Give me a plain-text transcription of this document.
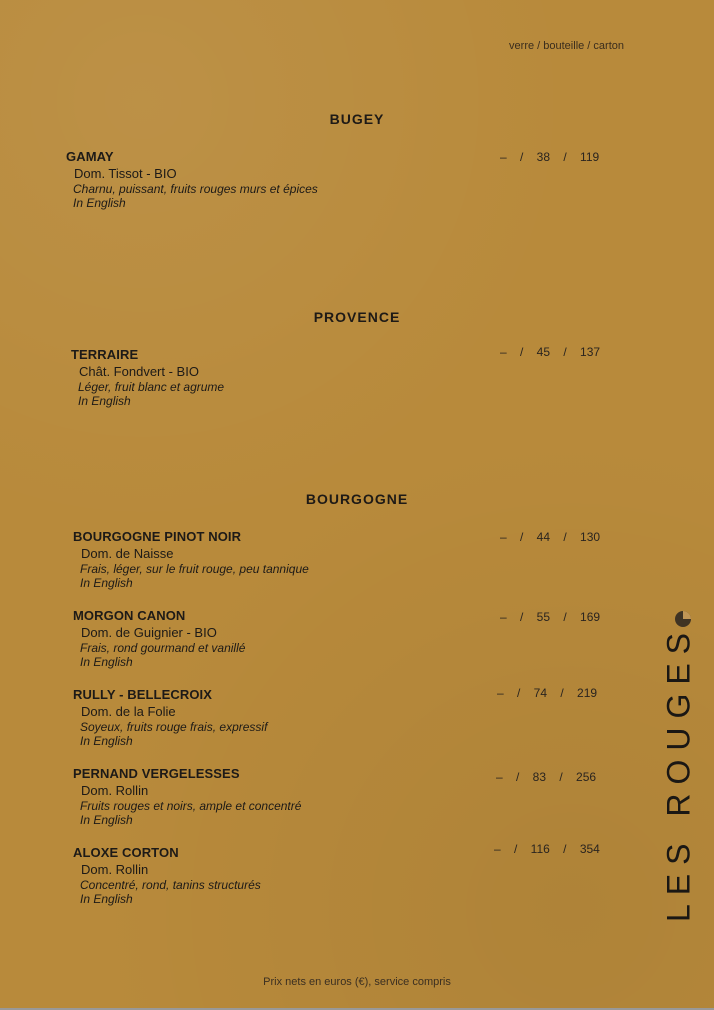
verre / bouteille / carton
BUGEY
GAMAY
Dom. Tissot - BIO
Charnu, puissant, fruits rouges murs et épices
In English
–    /    38    /    119
PROVENCE
TERRAIRE
Chât. Fondvert - BIO
Léger, fruit blanc et agrume
In English
–    /    45    /    137
BOURGOGNE
BOURGOGNE PINOT NOIR
Dom. de Naisse
Frais, léger, sur le fruit rouge, peu tannique
In English
–    /    44    /    130
MORGON CANON
Dom. de Guignier - BIO
Frais, rond gourmand et vanillé
In English
–    /    55    /    169
RULLY - BELLECROIX
Dom. de la Folie
Soyeux, fruits rouge frais, expressif
In English
–    /    74    /    219
PERNAND VERGELESSES
Dom. Rollin
Fruits rouges et noirs, ample et concentré
In English
–    /    83    /    256
ALOXE CORTON
Dom. Rollin
Concentré, rond, tanins structurés
In English
–    /    116    /    354 LES ROUGES
Prix nets en euros (€), service compris
